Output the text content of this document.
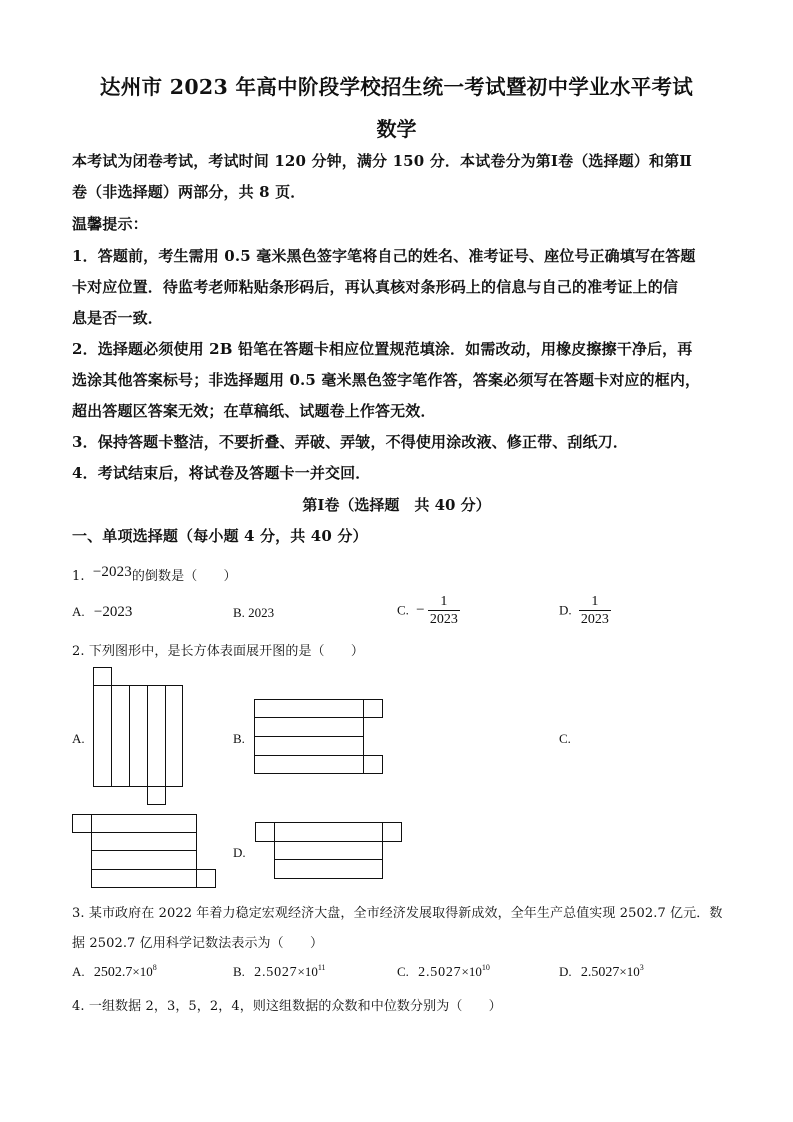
达州市 2023 年高中阶段学校招生统一考试暨初中学业水平考试
数学
本考试为闭卷考试，考试时间 120 分钟，满分 150 分．本试卷分为第Ⅰ卷（选择题）和第Ⅱ
卷（非选择题）两部分，共 8 页．
温馨提示：
1．答题前，考生需用 0.5 毫米黑色签字笔将自己的姓名、准考证号、座位号正确填写在答题
卡对应位置．待监考老师粘贴条形码后，再认真核对条形码上的信息与自己的准考证上的信
息是否一致．
2．选择题必须使用 2B 铅笔在答题卡相应位置规范填涂．如需改动，用橡皮擦擦干净后，再
选涂其他答案标号；非选择题用 0.5 毫米黑色签字笔作答，答案必须写在答题卡对应的框内，
超出答题区答案无效；在草稿纸、试题卷上作答无效．
3．保持答题卡整洁，不要折叠、弄破、弄皱，不得使用涂改液、修正带、刮纸刀．
4．考试结束后，将试卷及答题卡一并交回．
第Ⅰ卷（选择题　共 40 分）
一、单项选择题（每小题 4 分，共 40 分）
1. −2023的倒数是（　　）
A. −2023	B. 2023	C. − $\frac{1}{2023}$	D. $\frac{1}{2023}$
2. 下列图形中，是长方体表面展开图的是（　　）
A.	B.	C.
D.
3. 某市政府在 2022 年着力稳定宏观经济大盘，全市经济发展取得新成效，全年生产总值实现 2502.7 亿元．数
据 2502.7 亿用科学记数法表示为（　　）
A. $2502.7\times 10^8$	B. $2.5027\times 10^{11}$	C. $2.5027\times 10^{10}$	D. $2.5027\times 10^3$
4. 一组数据 2，3，5，2，4，则这组数据的众数和中位数分别为（　　）
